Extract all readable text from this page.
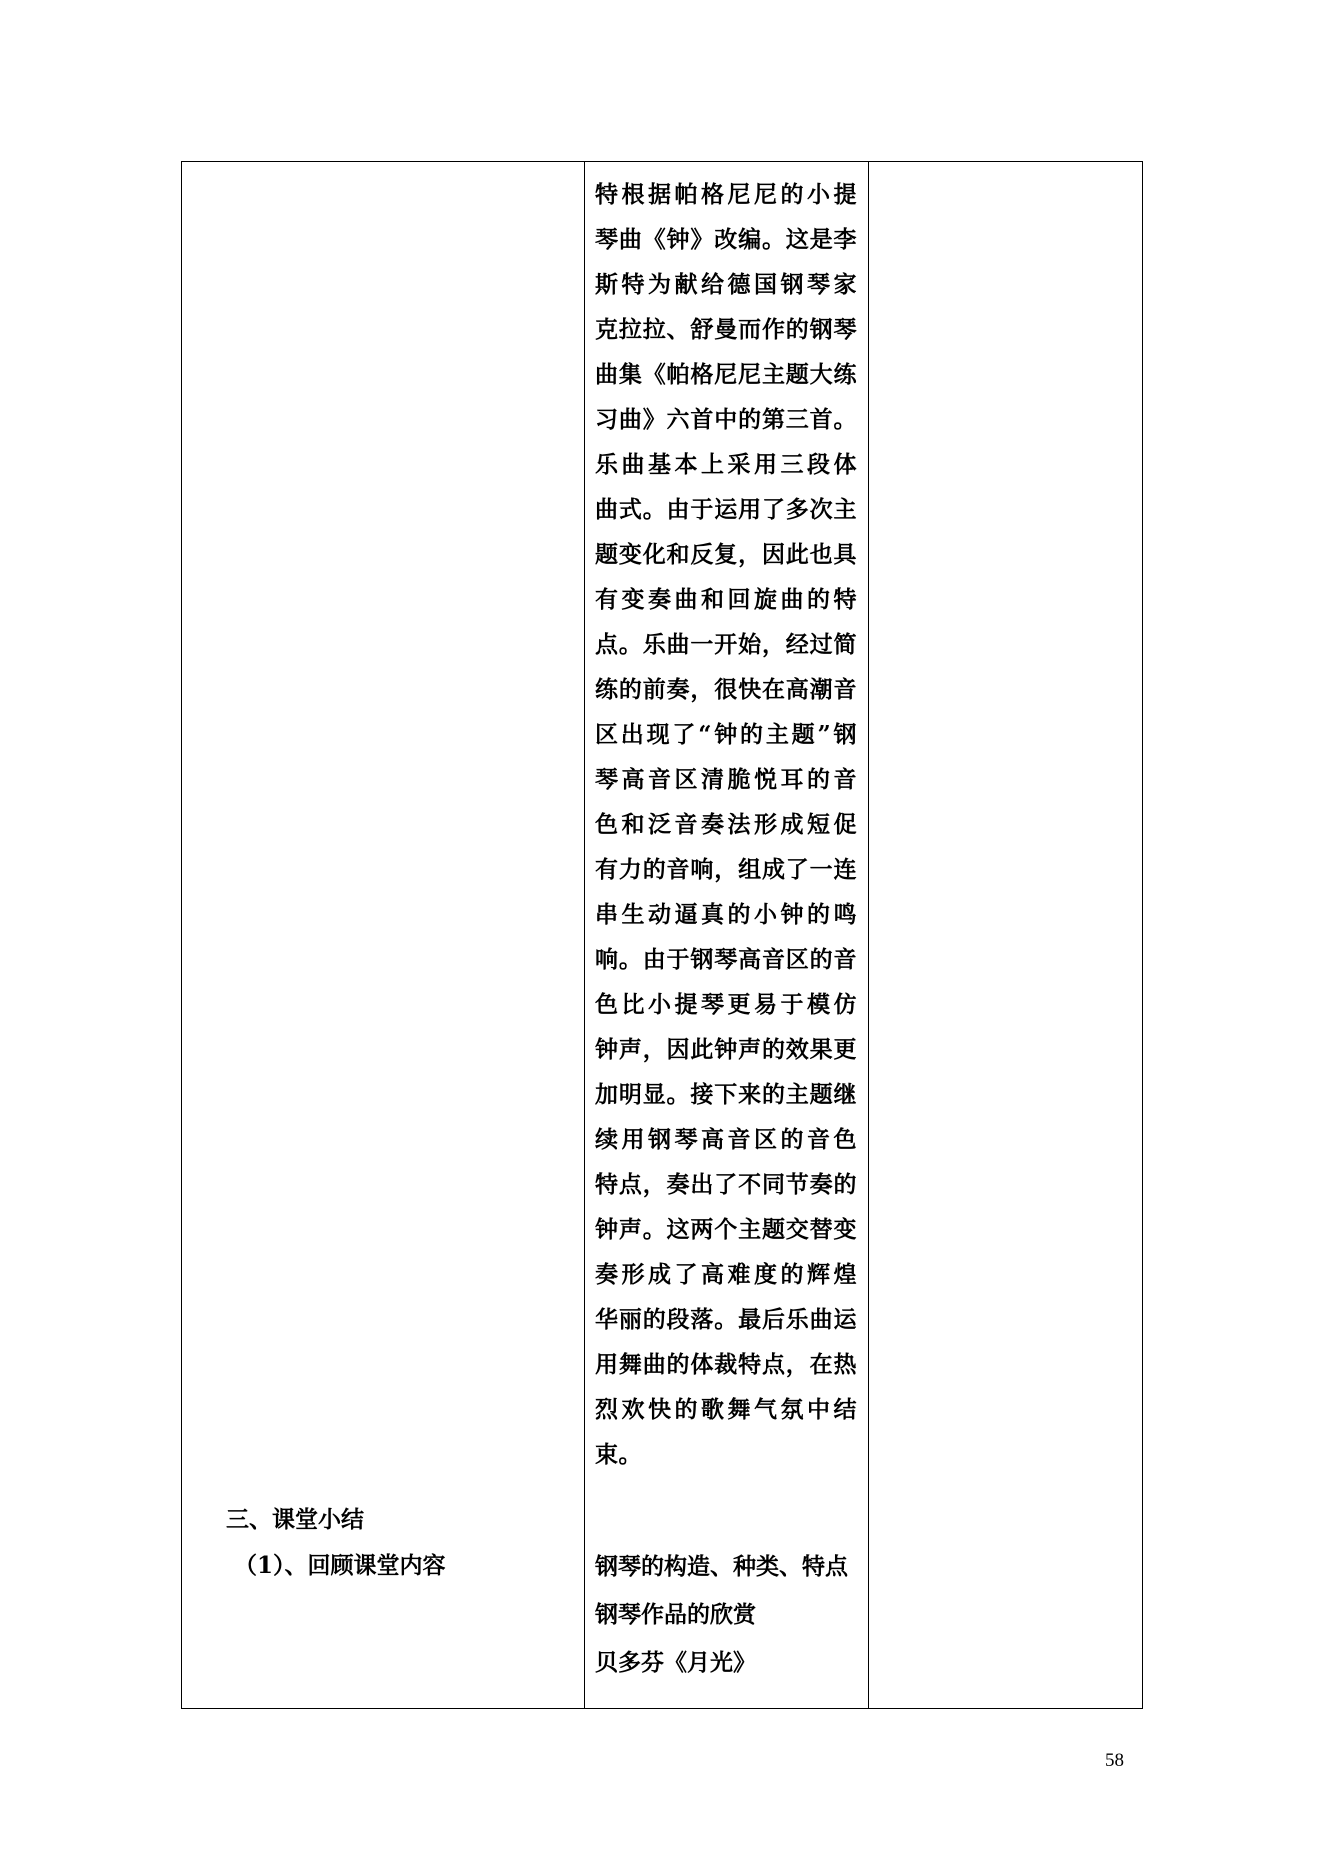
特根据帕格尼尼的小提
琴曲《钟》改编。这是李
斯特为献给德国钢琴家
克拉拉、舒曼而作的钢琴
曲集《帕格尼尼主题大练
习曲》六首中的第三首。
乐曲基本上采用三段体
曲式。由于运用了多次主
题变化和反复，因此也具
有变奏曲和回旋曲的特
点。乐曲一开始，经过简
练的前奏，很快在高潮音
区出现了“钟的主题”钢
琴高音区清脆悦耳的音
色和泛音奏法形成短促
有力的音响，组成了一连
串生动逼真的小钟的鸣
响。由于钢琴高音区的音
色比小提琴更易于模仿
钟声，因此钟声的效果更
加明显。接下来的主题继
续用钢琴高音区的音色
特点，奏出了不同节奏的
钟声。这两个主题交替变
奏形成了高难度的辉煌
华丽的段落。最后乐曲运
用舞曲的体裁特点，在热
烈欢快的歌舞气氛中结
束。
三、课堂小结
（1）、回顾课堂内容	钢琴的构造、种类、特点
钢琴作品的欣赏
贝多芬《月光》
58
